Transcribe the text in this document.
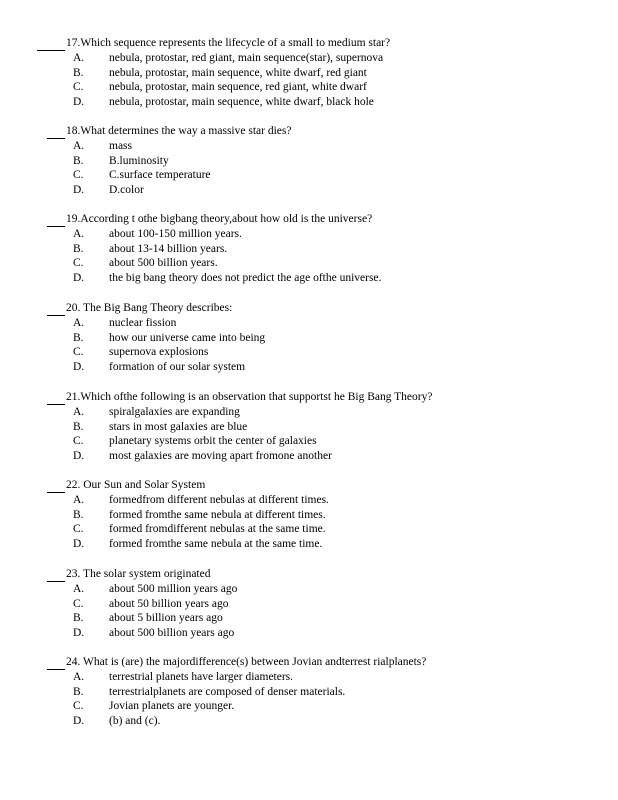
17.Which sequence represents the lifecycle of a small to medium star?
A. nebula, protostar, red giant, main sequence(star), supernova
B. nebula, protostar, main sequence, white dwarf, red giant
C. nebula, protostar, main sequence, red giant, white dwarf
D. nebula, protostar, main sequence, white dwarf, black hole
18.What determines the way a massive star dies?
A. mass
B. B.luminosity
C. C.surface temperature
D. D.color
19.According t othe bigbang theory,about how old is the universe?
A. about 100-150 million years.
B. about 13-14 billion years.
C. about 500 billion years.
D. the big bang theory does not predict the age ofthe universe.
20. The Big Bang Theory describes:
A. nuclear fission
B. how our universe came into being
C. supernova explosions
D. formation of our solar system
21.Which ofthe following is an observation that supportst he Big Bang Theory?
A. spiralgalaxies are expanding
B. stars in most galaxies are blue
C. planetary systems orbit the center of galaxies
D. most galaxies are moving apart fromone another
22. Our Sun and Solar System
A. formedfrom different nebulas at different times.
B. formed fromthe same nebula at different times.
C. formed fromdifferent nebulas at the same time.
D. formed fromthe same nebula at the same time.
23. The solar system originated
A. about 500 million years ago
C. about 50 billion years ago
B. about 5 billion years ago
D. about 500 billion years ago
24. What is (are) the majordifference(s) between Jovian andterrest rialplanets?
A. terrestrial planets have larger diameters.
B. terrestrialplanets are composed of denser materials.
C. Jovian planets are younger.
D. (b) and (c).
